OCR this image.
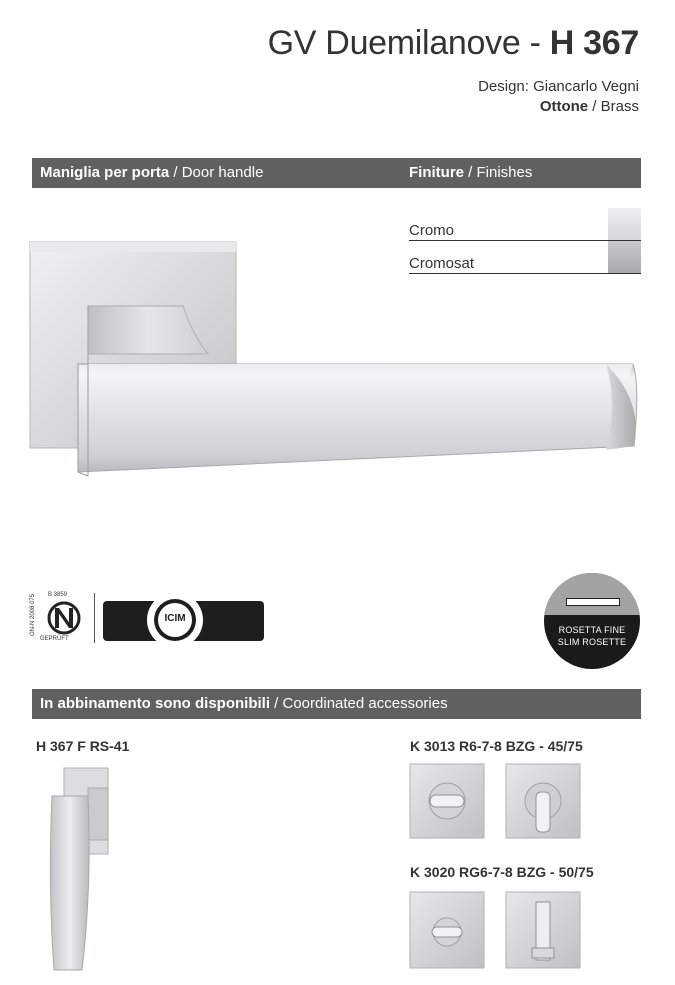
GV Duemilanove - H 367
Design: Giancarlo Vegni
Ottone / Brass
Maniglia per porta / Door handle	Finiture / Finishes
Cromo
Cromosat
ON-N 2008 075 B 3859
GEPRÜFT
ICIM
ROSETTA FINE
SLIM ROSETTE
In abbinamento sono disponibili / Coordinated accessories
H 367 F RS-41	K 3013 R6-7-8 BZG - 45/75
K 3020 RG6-7-8 BZG - 50/75
